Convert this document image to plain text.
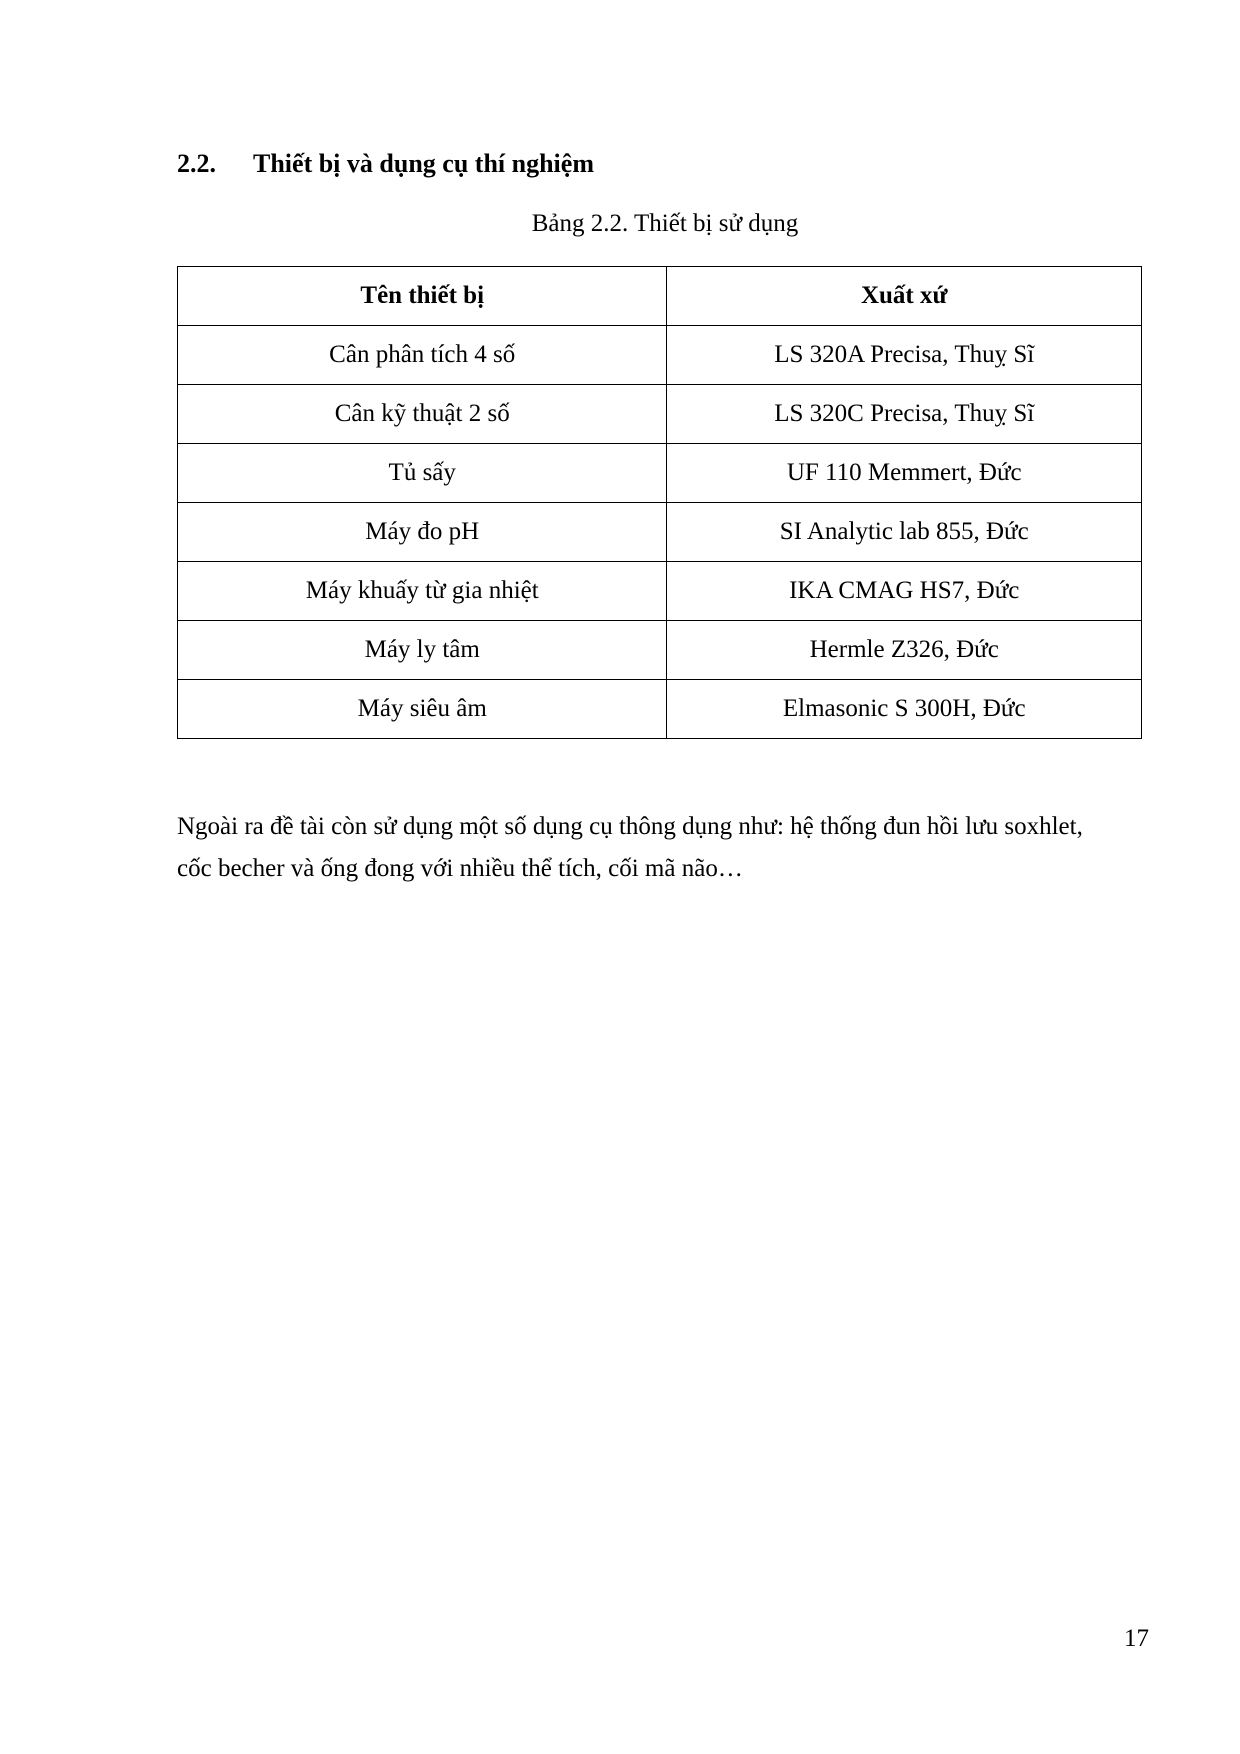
2.2. Thiết bị và dụng cụ thí nghiệm
Bảng 2.2. Thiết bị sử dụng
Tên thiết bị	Xuất xứ
Cân phân tích 4 số	LS 320A Precisa, Thuỵ Sĩ
Cân kỹ thuật 2 số	LS 320C Precisa, Thuỵ Sĩ
Tủ sấy	UF 110 Memmert, Đức
Máy đo pH	SI Analytic lab 855, Đức
Máy khuấy từ gia nhiệt	IKA CMAG HS7, Đức
Máy ly tâm	Hermle Z326, Đức
Máy siêu âm	Elmasonic S 300H, Đức
Ngoài ra đề tài còn sử dụng một số dụng cụ thông dụng như: hệ thống đun hồi lưu soxhlet,
cốc becher và ống đong với nhiều thể tích, cối mã não…
17
